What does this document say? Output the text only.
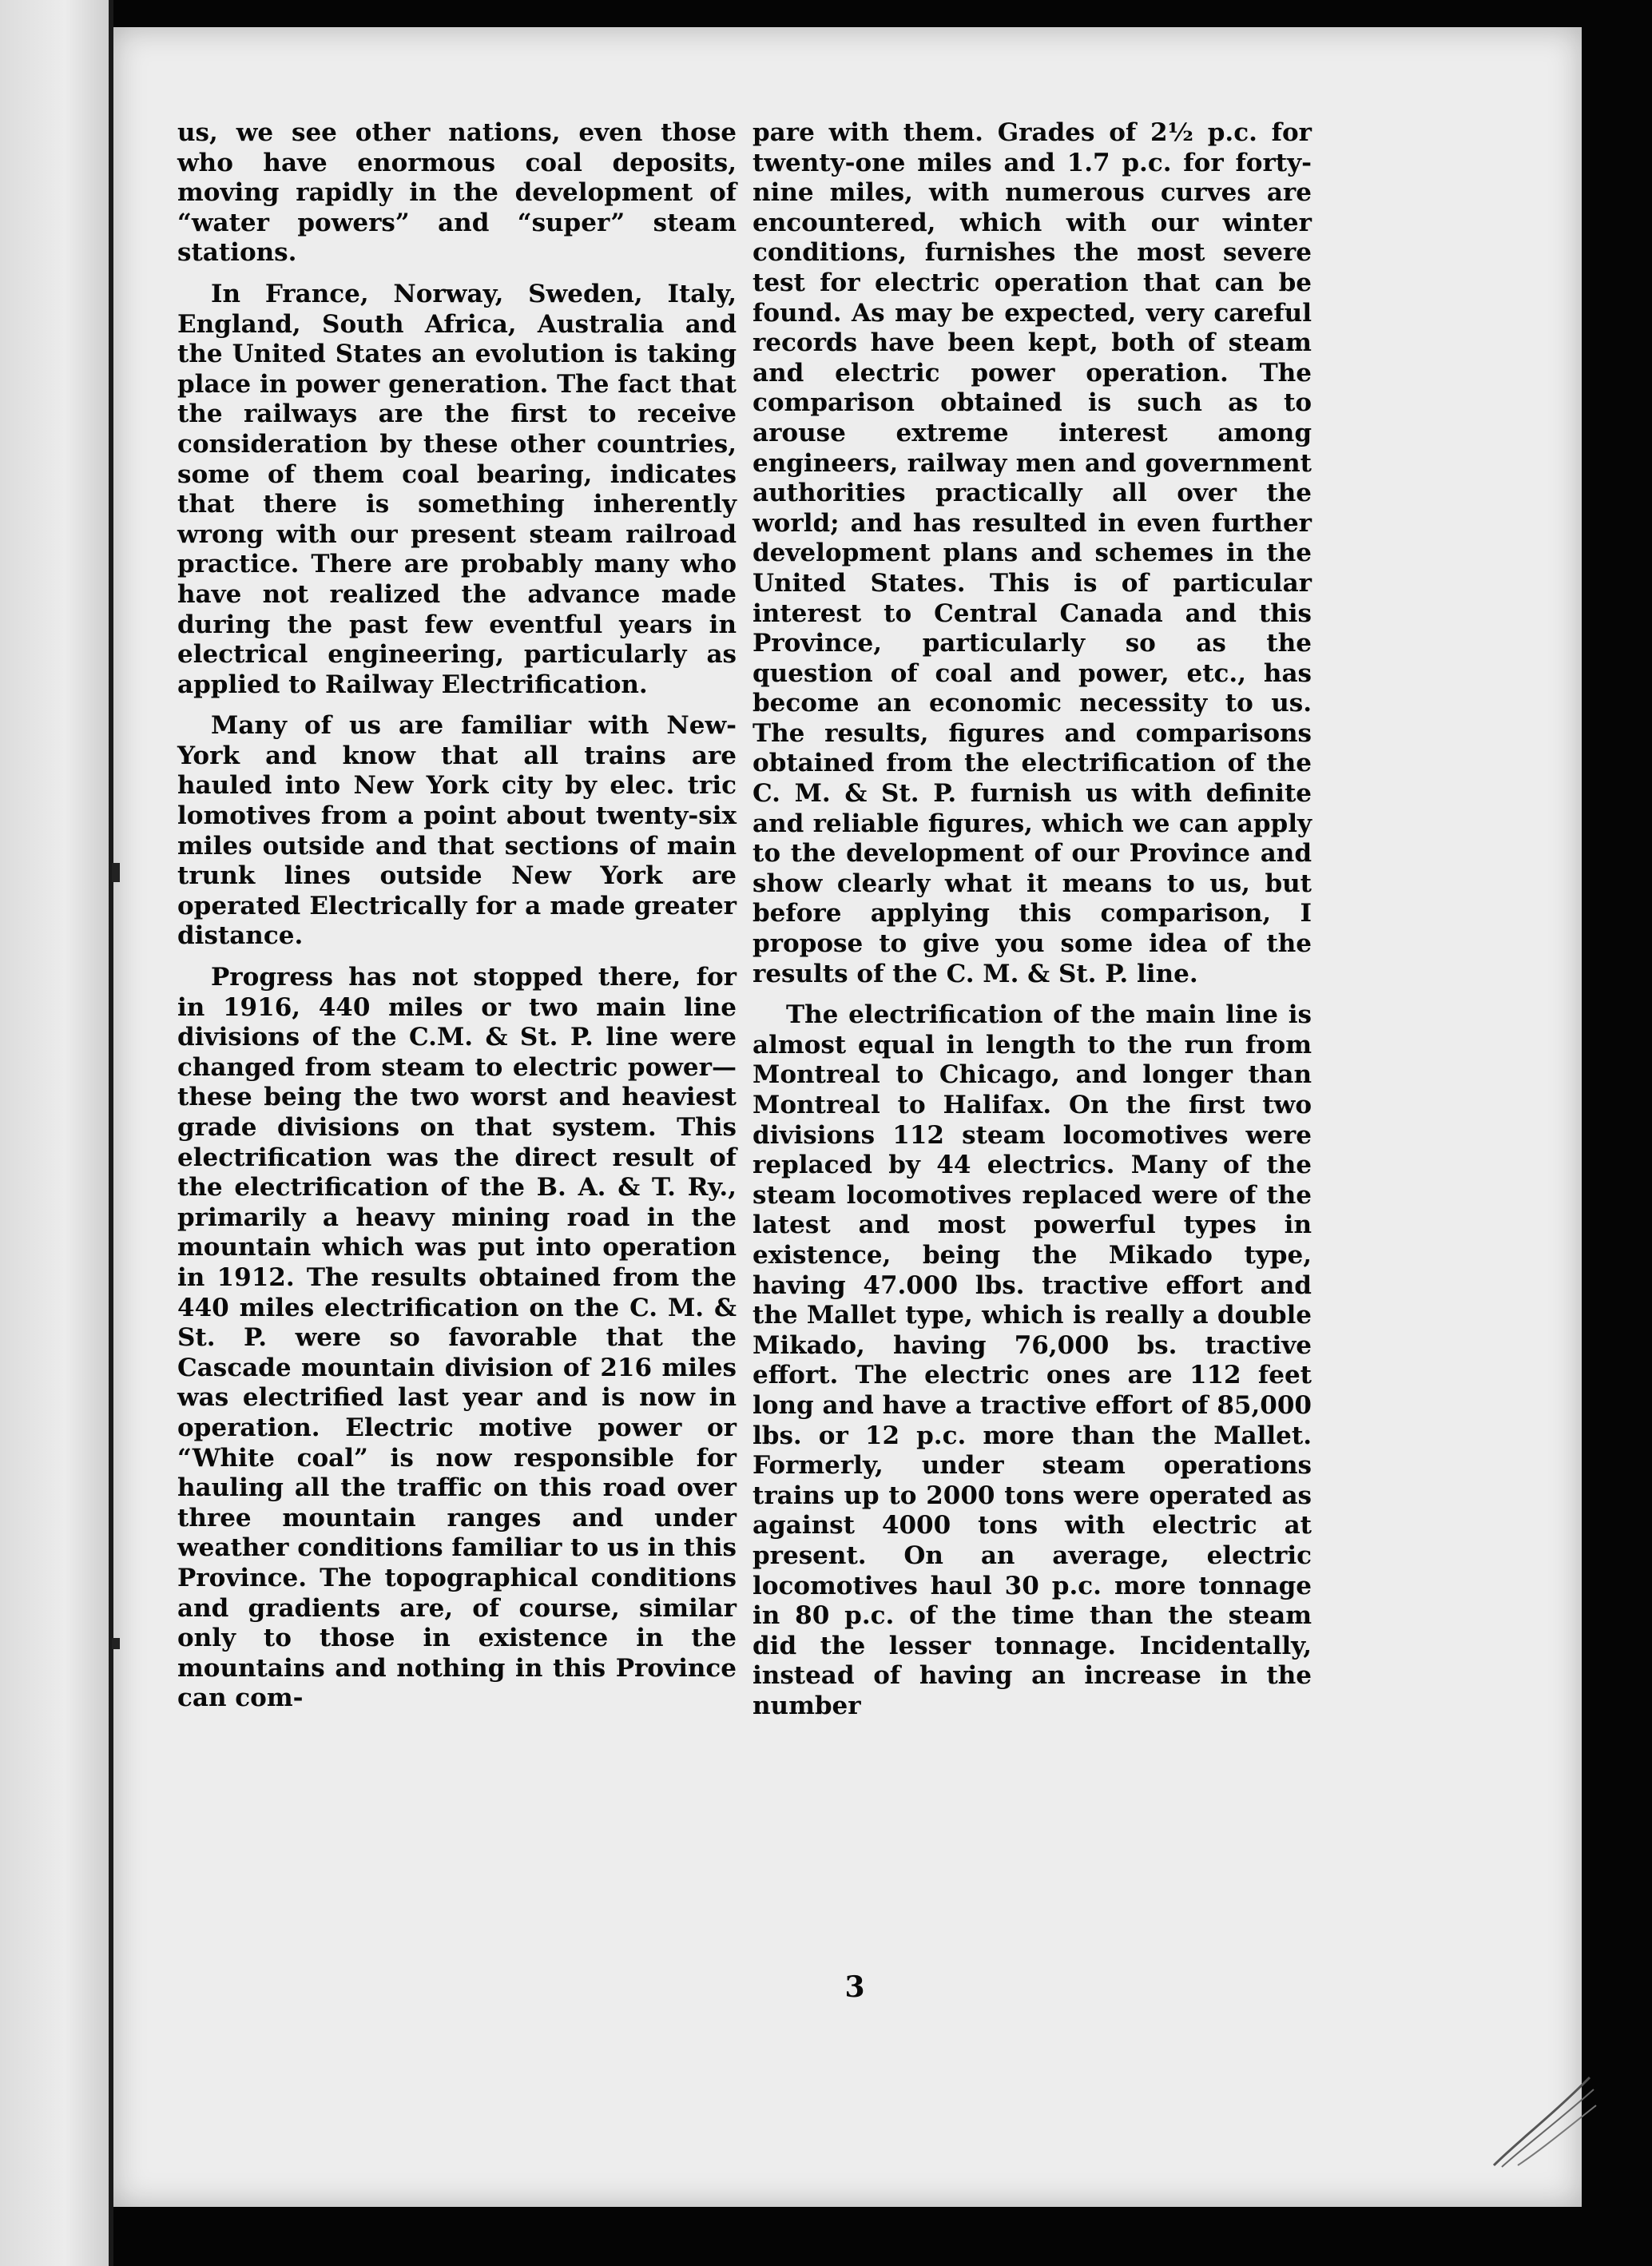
us, we see other nations, even those who have enormous coal deposits, moving rapidly in the development of “water powers” and “super” steam stations.

In France, Norway, Sweden, Italy, England, South Africa, Australia and the United States an evolution is taking place in power generation. The fact that the railways are the first to receive consideration by these other countries, some of them coal bearing, indicates that there is something inherently wrong with our present steam railroad practice. There are probably many who have not realized the advance made during the past few eventful years in electrical engineering, particularly as applied to Railway Electrification.

Many of us are familiar with New-York and know that all trains are hauled into New York city by elec. tric lomotives from a point about twenty-six miles outside and that sections of main trunk lines outside New York are operated Electrically for a made greater distance.

Progress has not stopped there, for in 1916, 440 miles or two main line divisions of the C.M. & St. P. line were changed from steam to electric power—these being the two worst and heaviest grade divisions on that system. This electrification was the direct result of the electrification of the B. A. & T. Ry., primarily a heavy mining road in the mountain which was put into operation in 1912. The results obtained from the 440 miles electrification on the C. M. & St. P. were so favorable that the Cascade mountain division of 216 miles was electrified last year and is now in operation. Electric motive power or “White coal” is now responsible for hauling all the traffic on this road over three mountain ranges and under weather conditions familiar to us in this Province. The topographical conditions and gradients are, of course, similar only to those in existence in the mountains and nothing in this Province can com-

pare with them. Grades of 2½ p.c. for twenty-one miles and 1.7 p.c. for forty-nine miles, with numerous curves are encountered, which with our winter conditions, furnishes the most severe test for electric operation that can be found. As may be expected, very careful records have been kept, both of steam and electric power operation. The comparison obtained is such as to arouse extreme interest among engineers, railway men and government authorities practically all over the world; and has resulted in even further development plans and schemes in the United States. This is of particular interest to Central Canada and this Province, particularly so as the question of coal and power, etc., has become an economic necessity to us. The results, figures and comparisons obtained from the electrification of the C. M. & St. P. furnish us with definite and reliable figures, which we can apply to the development of our Province and show clearly what it means to us, but before applying this comparison, I propose to give you some idea of the results of the C. M. & St. P. line.

The electrification of the main line is almost equal in length to the run from Montreal to Chicago, and longer than Montreal to Halifax. On the first two divisions 112 steam locomotives were replaced by 44 electrics. Many of the steam locomotives replaced were of the latest and most powerful types in existence, being the Mikado type, having 47.000 lbs. tractive effort and the Mallet type, which is really a double Mikado, having 76,000 bs. tractive effort. The electric ones are 112 feet long and have a tractive effort of 85,000 lbs. or 12 p.c. more than the Mallet. Formerly, under steam operations trains up to 2000 tons were operated as against 4000 tons with electric at present. On an average, electric locomotives haul 30 p.c. more tonnage in 80 p.c. of the time than the steam did the lesser tonnage. Incidentally, instead of having an increase in the number

3
